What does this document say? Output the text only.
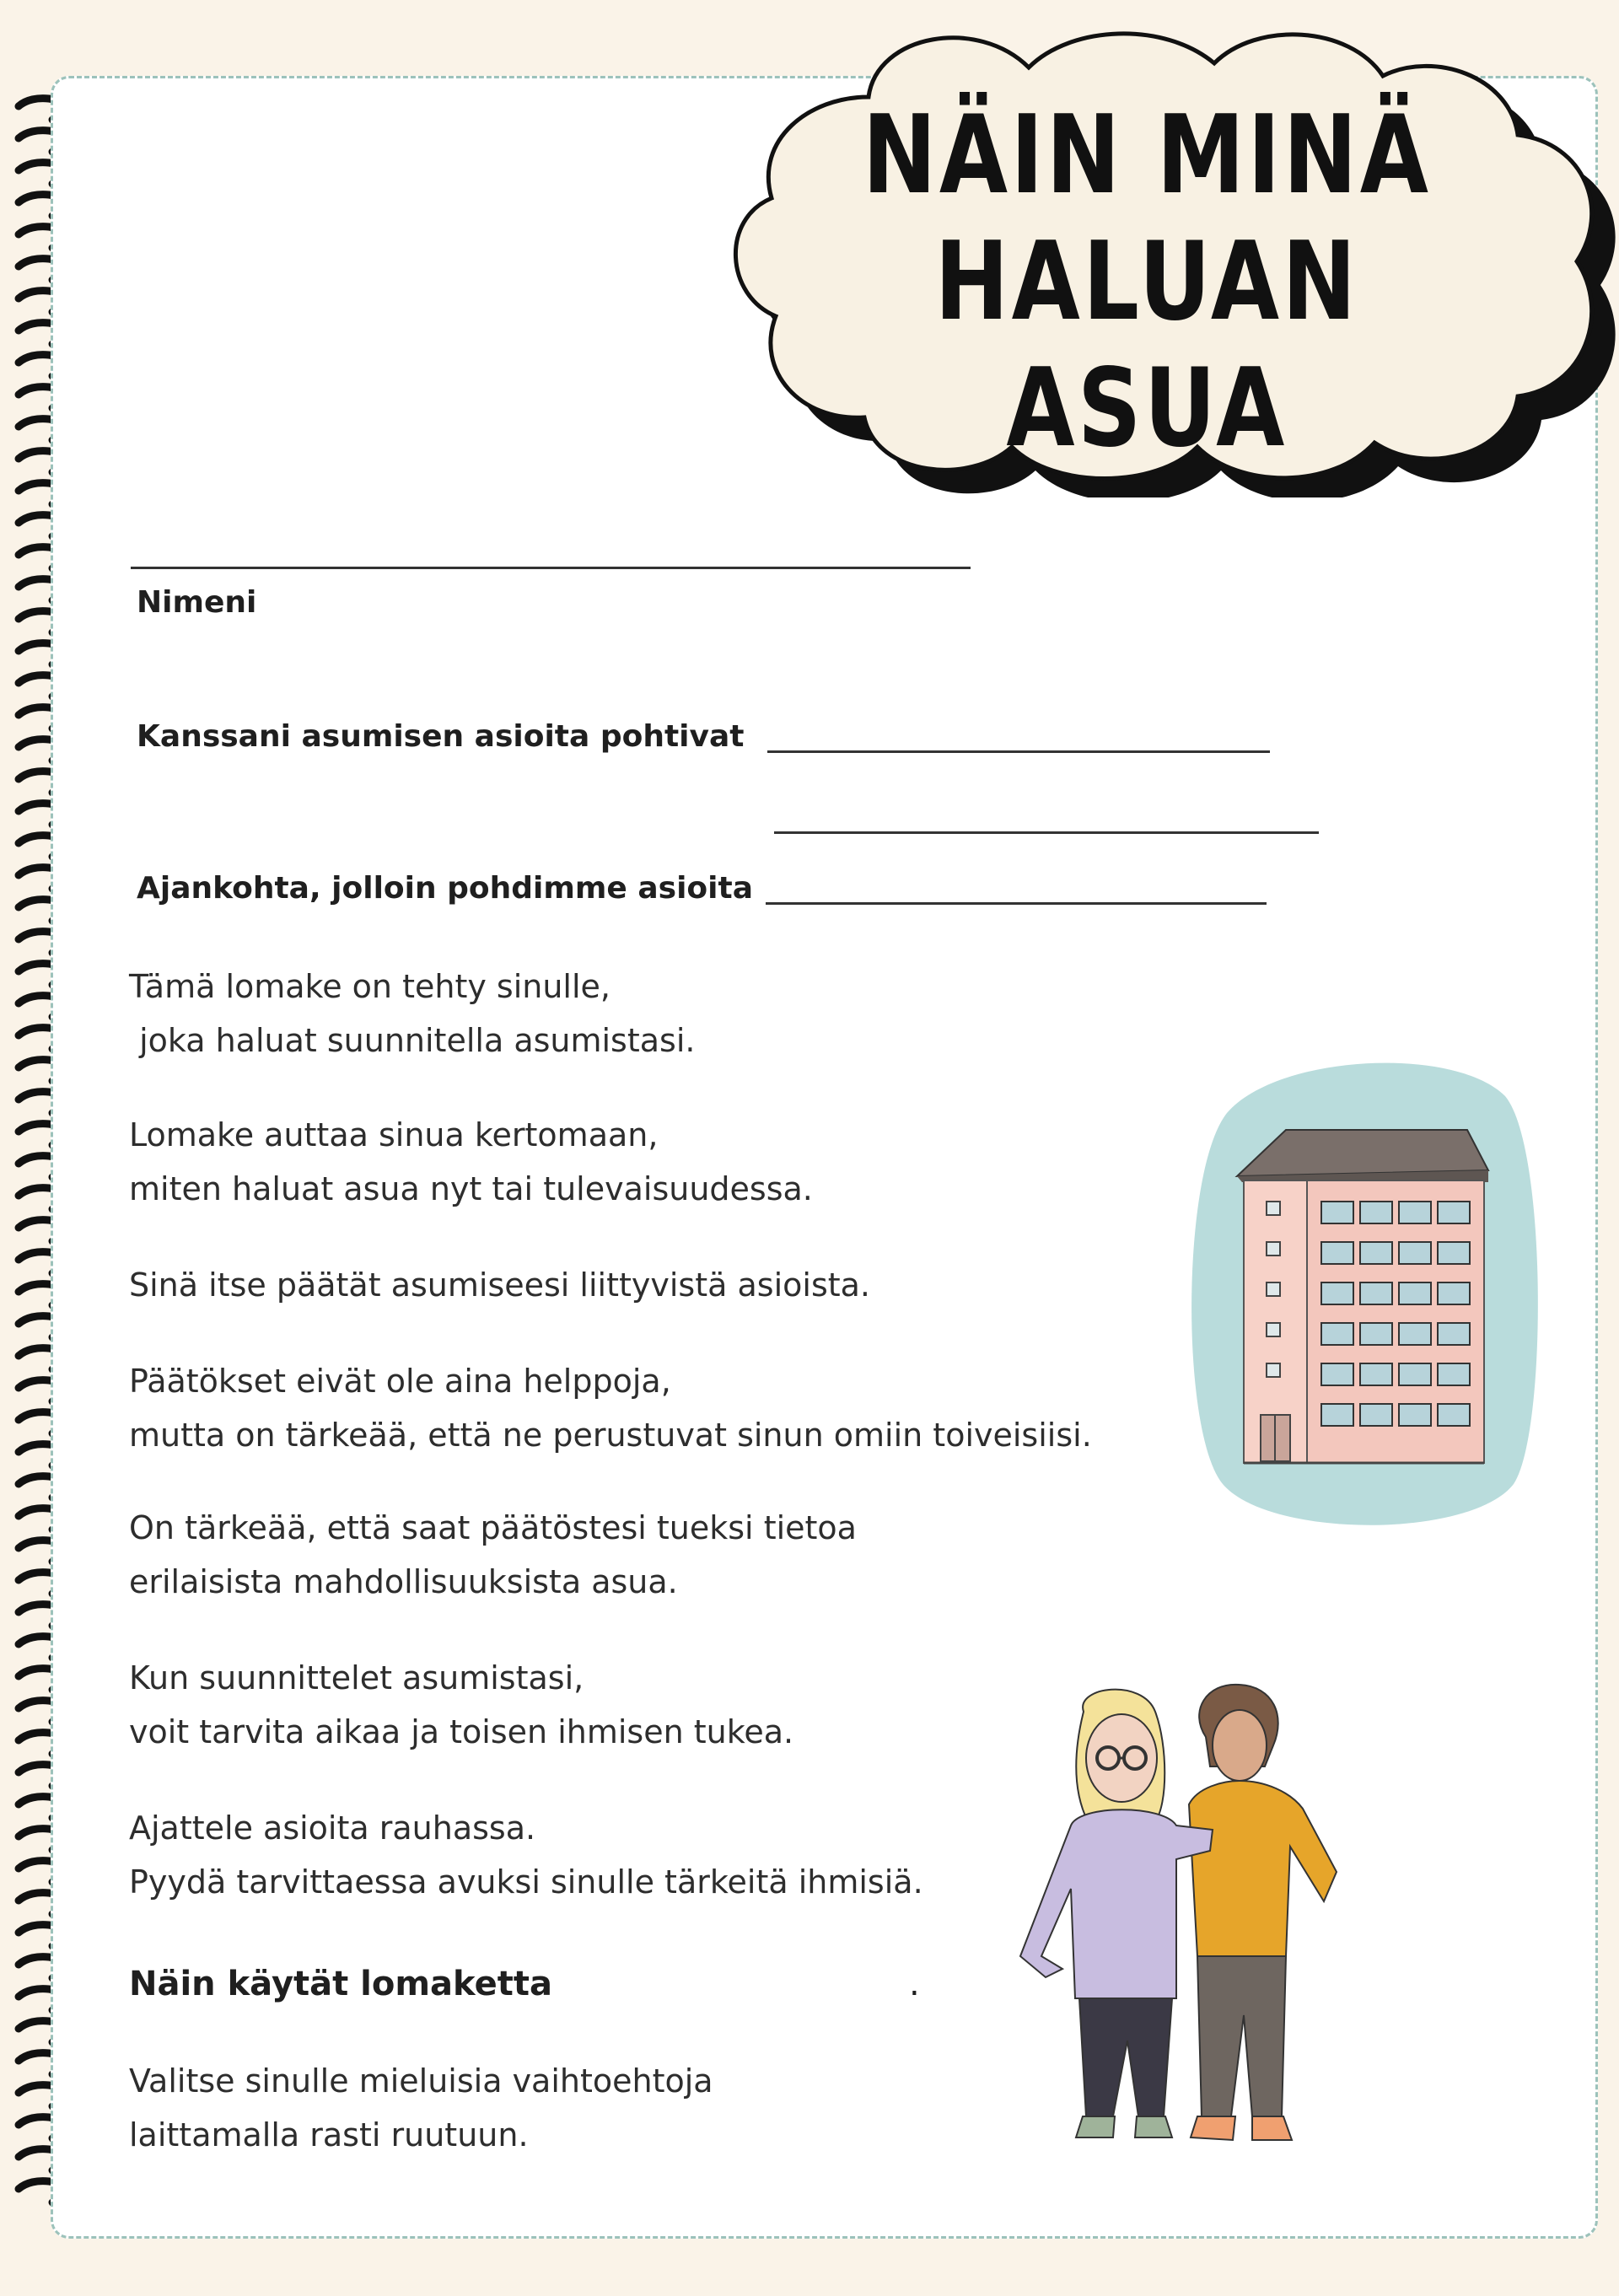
NÄIN MINÄ
HALUAN ASUA
Nimeni
Kanssani asumisen asioita pohtivat
Ajankohta, jolloin pohdimme asioita
Tämä lomake on tehty sinulle,
joka haluat suunnitella asumistasi.
Lomake auttaa sinua kertomaan,
miten haluat asua nyt tai tulevaisuudessa.
Sinä itse päätät asumiseesi liittyvistä asioista.
Päätökset eivät ole aina helppoja,
mutta on tärkeää, että ne perustuvat sinun omiin toiveisiisi.
On tärkeää, että saat päätöstesi tueksi tietoa
erilaisista mahdollisuuksista asua.
Kun suunnittelet asumistasi,
voit tarvita aikaa ja toisen ihmisen tukea.
Ajattele asioita rauhassa.
Pyydä tarvittaessa avuksi sinulle tärkeitä ihmisiä.
Näin käytät lomaketta	.
Valitse sinulle mieluisia vaihtoehtoja
laittamalla rasti ruutuun.
